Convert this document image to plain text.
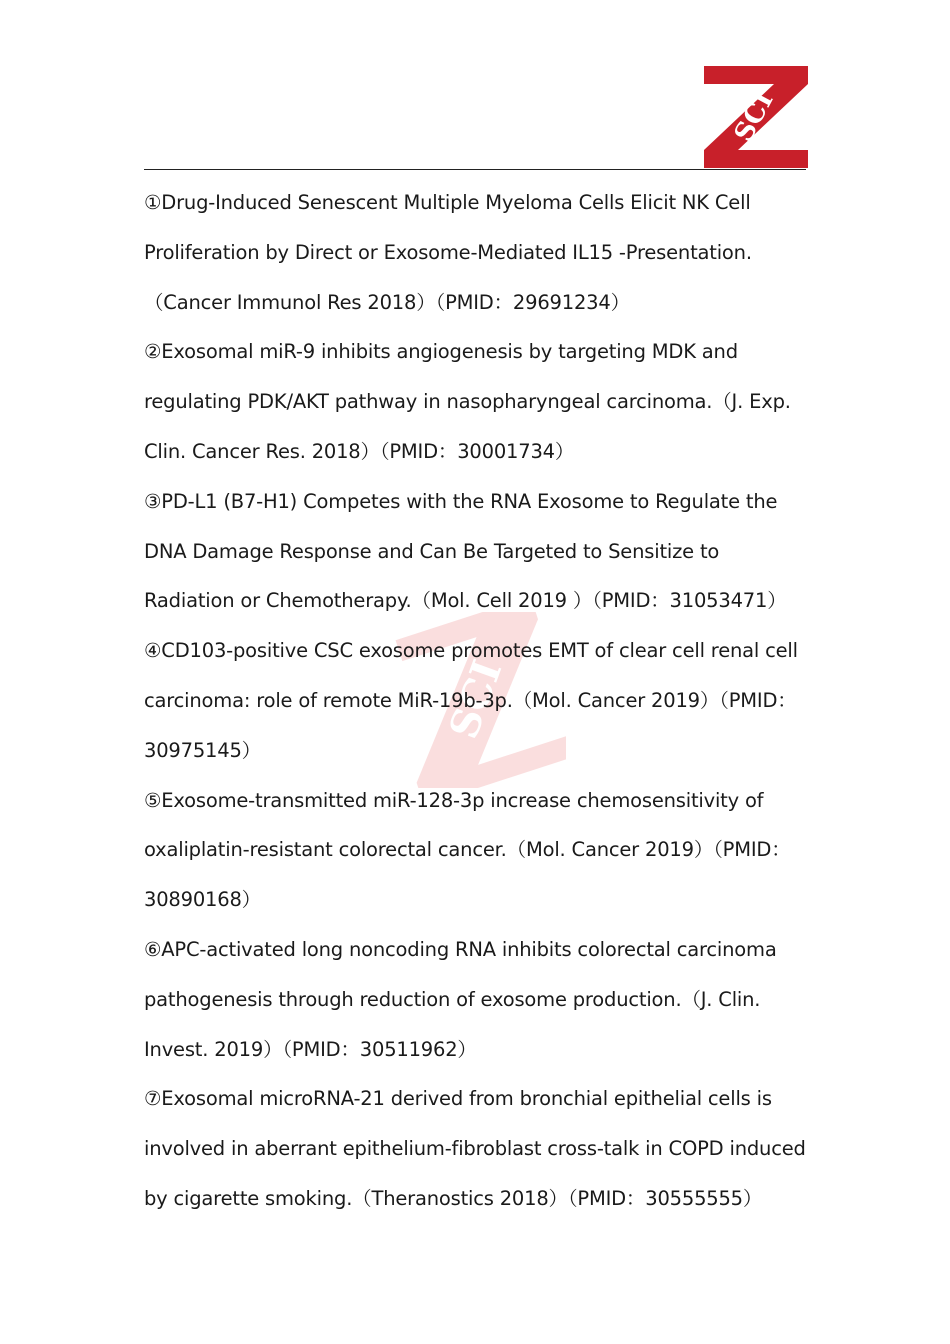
SCI
SCI
①Drug-Induced Senescent Multiple Myeloma Cells Elicit NK Cell Proliferation by Direct or Exosome-Mediated IL15 -Presentation.（Cancer Immunol Res 2018）（PMID：29691234）
②Exosomal miR-9 inhibits angiogenesis by targeting MDK and regulating PDK/AKT pathway in nasopharyngeal carcinoma.（J. Exp. Clin. Cancer Res. 2018）（PMID：30001734）
③PD-L1 (B7-H1) Competes with the RNA Exosome to Regulate the DNA Damage Response and Can Be Targeted to Sensitize to Radiation or Chemotherapy.（Mol. Cell 2019 ）（PMID：31053471）
④CD103-positive CSC exosome promotes EMT of clear cell renal cell carcinoma: role of remote MiR-19b-3p.（Mol. Cancer 2019）（PMID：30975145）
⑤Exosome-transmitted miR-128-3p increase chemosensitivity of oxaliplatin-resistant colorectal cancer.（Mol. Cancer 2019）（PMID：30890168）
⑥APC-activated long noncoding RNA inhibits colorectal carcinoma pathogenesis through reduction of exosome production.（J. Clin. Invest. 2019）（PMID：30511962）
⑦Exosomal microRNA-21 derived from bronchial epithelial cells is involved in aberrant epithelium-fibroblast cross-talk in COPD induced by cigarette smoking.（Theranostics 2018）（PMID：30555555）
